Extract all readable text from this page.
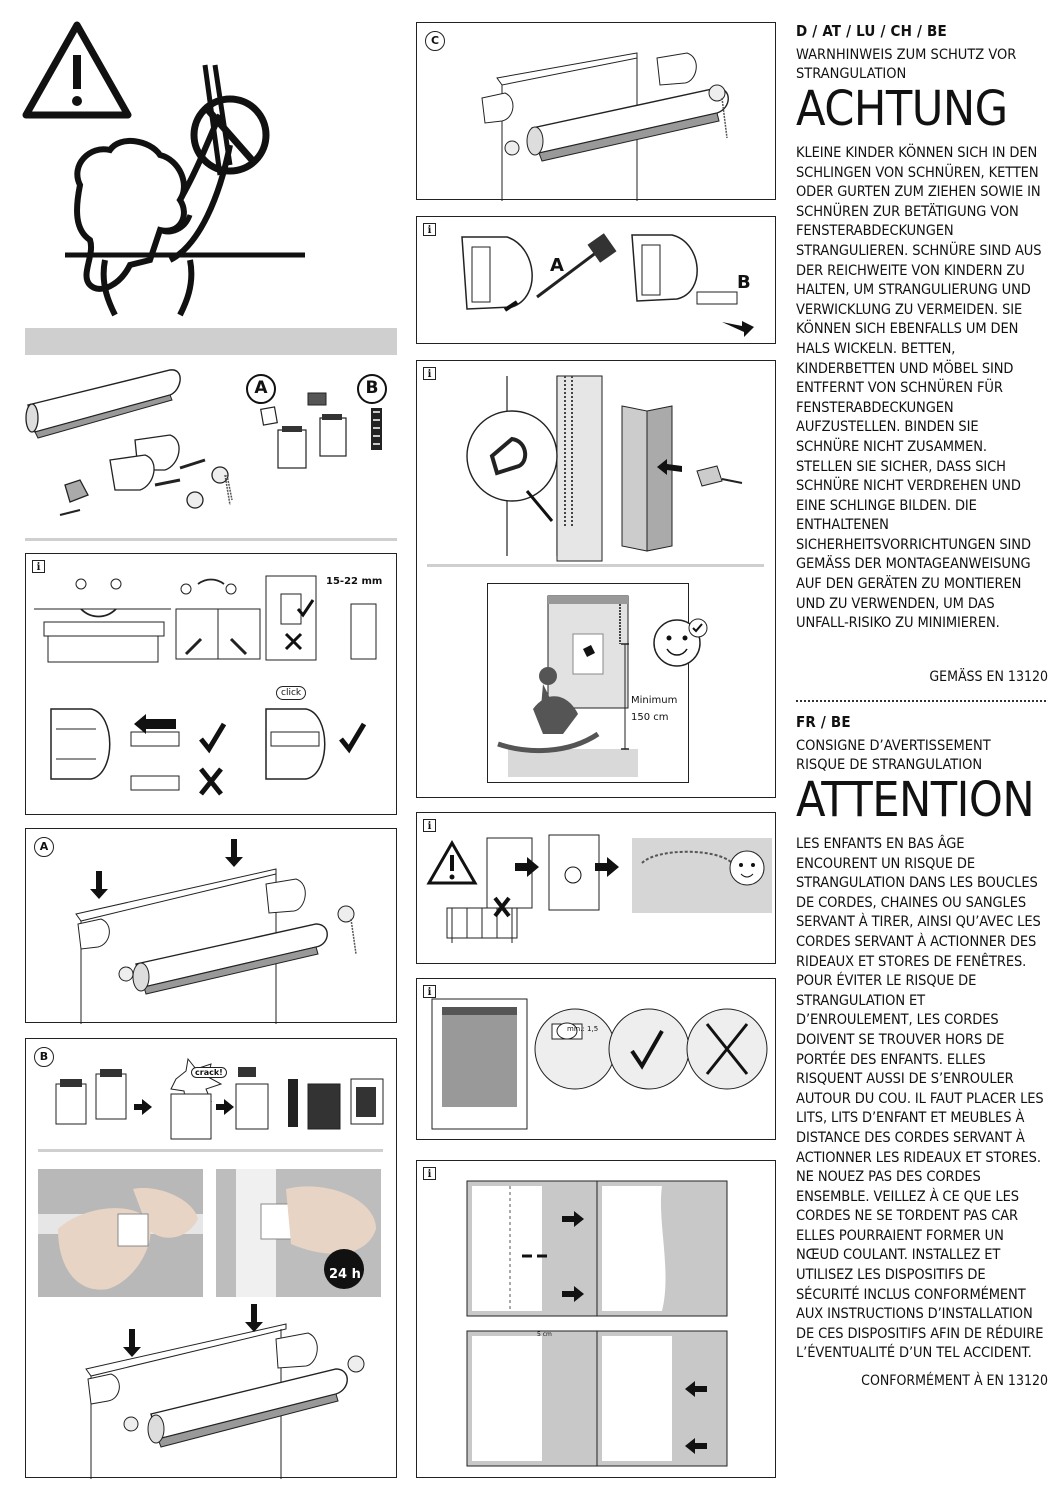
A	B
i
15-22 mm
click
A
B
crack!
24 h
C
i
A
B
i
Minimum
150 cm
i
i
min.: 1,5
i
5 cm
D / AT / LU / CH / BE
WARNHINWEIS ZUM SCHUTZ VOR STRANGULATION
ACHTUNG
KLEINE KINDER KÖNNEN SICH IN DEN SCHLINGEN VON SCHNÜREN, KETTEN ODER GURTEN ZUM ZIEHEN SOWIE IN SCHNÜREN ZUR BETÄTIGUNG VON FENSTERABDECKUNGEN STRANGULIEREN. SCHNÜRE SIND AUS DER REICHWEITE VON KINDERN ZU HALTEN, UM STRANGULIERUNG UND VERWICKLUNG ZU VERMEIDEN. SIE KÖNNEN SICH EBENFALLS UM DEN HALS WICKELN. BETTEN, KINDERBETTEN UND MÖBEL SIND ENTFERNT VON SCHNÜREN FÜR FENSTERABDECKUNGEN AUFZUSTELLEN. BINDEN SIE SCHNÜRE NICHT ZUSAMMEN.
STELLEN SIE SICHER, DASS SICH SCHNÜRE NICHT VERDREHEN UND EINE SCHLINGE BILDEN. DIE ENTHALTENEN SICHERHEITSVORRICHTUNGEN SIND GEMÄSS DER MONTAGEANWEISUNG AUF DEN GERÄTEN ZU MONTIEREN UND ZU VERWENDEN, UM DAS UNFALL-RISIKO ZU MINIMIEREN.
GEMÄSS EN 13120
FR / BE
CONSIGNE D’AVERTISSEMENT RISQUE DE STRANGULATION
ATTENTION
LES ENFANTS EN BAS ÂGE ENCOURENT UN RISQUE DE STRANGULATION DANS LES BOUCLES DE CORDES, CHAINES OU SANGLES SERVANT À TIRER, AINSI QU’AVEC LES CORDES SERVANT À ACTIONNER DES RIDEAUX ET STORES DE FENÊTRES. POUR ÉVITER LE RISQUE DE STRANGULATION ET D’ENROULEMENT, LES CORDES DOIVENT SE TROUVER HORS DE PORTÉE DES ENFANTS. ELLES RISQUENT AUSSI DE S’ENROULER AUTOUR DU COU. IL FAUT PLACER LES LITS, LITS D’ENFANT ET MEUBLES À DISTANCE DES CORDES SERVANT À ACTIONNER LES RIDEAUX ET STORES. NE NOUEZ PAS DES CORDES ENSEMBLE. VEILLEZ À CE QUE LES CORDES NE SE TORDENT PAS CAR ELLES POURRAIENT FORMER UN NŒUD COULANT. INSTALLEZ ET UTILISEZ LES DISPOSITIFS DE SÉCURITÉ INCLUS CONFORMÉMENT AUX INSTRUCTIONS D’INSTALLATION DE CES DISPOSITIFS AFIN DE RÉDUIRE L’ÉVENTUALITÉ D’UN TEL ACCIDENT.
CONFORMÉMENT À EN 13120
